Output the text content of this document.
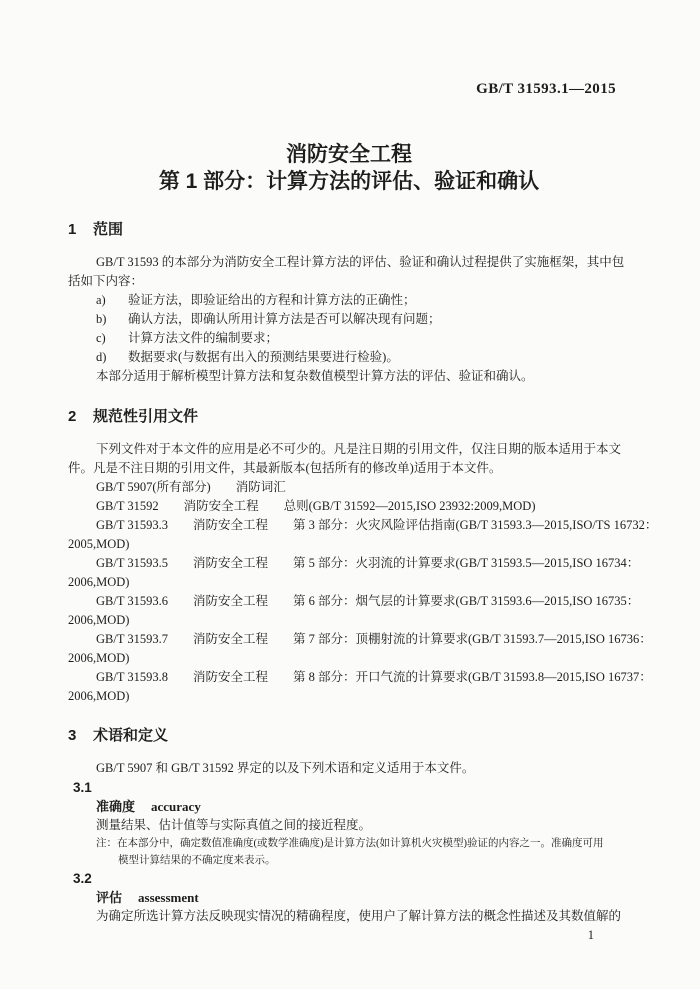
GB/T 31593.1—2015
消防安全工程
第 1 部分：计算方法的评估、验证和确认
1 范围
GB/T 31593 的本部分为消防安全工程计算方法的评估、验证和确认过程提供了实施框架，其中包
括如下内容：
a) 验证方法，即验证给出的方程和计算方法的正确性；
b) 确认方法，即确认所用计算方法是否可以解决现有问题；
c) 计算方法文件的编制要求；
d) 数据要求(与数据有出入的预测结果要进行检验)。
本部分适用于解析模型计算方法和复杂数值模型计算方法的评估、验证和确认。
2 规范性引用文件
下列文件对于本文件的应用是必不可少的。凡是注日期的引用文件，仅注日期的版本适用于本文
件。凡是不注日期的引用文件，其最新版本(包括所有的修改单)适用于本文件。
GB/T 5907(所有部分)　　消防词汇
GB/T 31592　　消防安全工程　　总则(GB/T 31592—2015,ISO 23932:2009,MOD)
GB/T 31593.3　　消防安全工程　　第 3 部分：火灾风险评估指南(GB/T 31593.3—2015,ISO/TS 16732：
2005,MOD)
GB/T 31593.5　　消防安全工程　　第 5 部分：火羽流的计算要求(GB/T 31593.5—2015,ISO 16734：
2006,MOD)
GB/T 31593.6　　消防安全工程　　第 6 部分：烟气层的计算要求(GB/T 31593.6—2015,ISO 16735：
2006,MOD)
GB/T 31593.7　　消防安全工程　　第 7 部分：顶棚射流的计算要求(GB/T 31593.7—2015,ISO 16736：
2006,MOD)
GB/T 31593.8　　消防安全工程　　第 8 部分：开口气流的计算要求(GB/T 31593.8—2015,ISO 16737：
2006,MOD)
3 术语和定义
GB/T 5907 和 GB/T 31592 界定的以及下列术语和定义适用于本文件。
3.1
准确度 accuracy
测量结果、估计值等与实际真值之间的接近程度。
注：在本部分中，确定数值准确度(或数学准确度)是计算方法(如计算机火灾模型)验证的内容之一。准确度可用
模型计算结果的不确定度来表示。
3.2
评估 assessment
为确定所选计算方法反映现实情况的精确程度，使用户了解计算方法的概念性描述及其数值解的
1
